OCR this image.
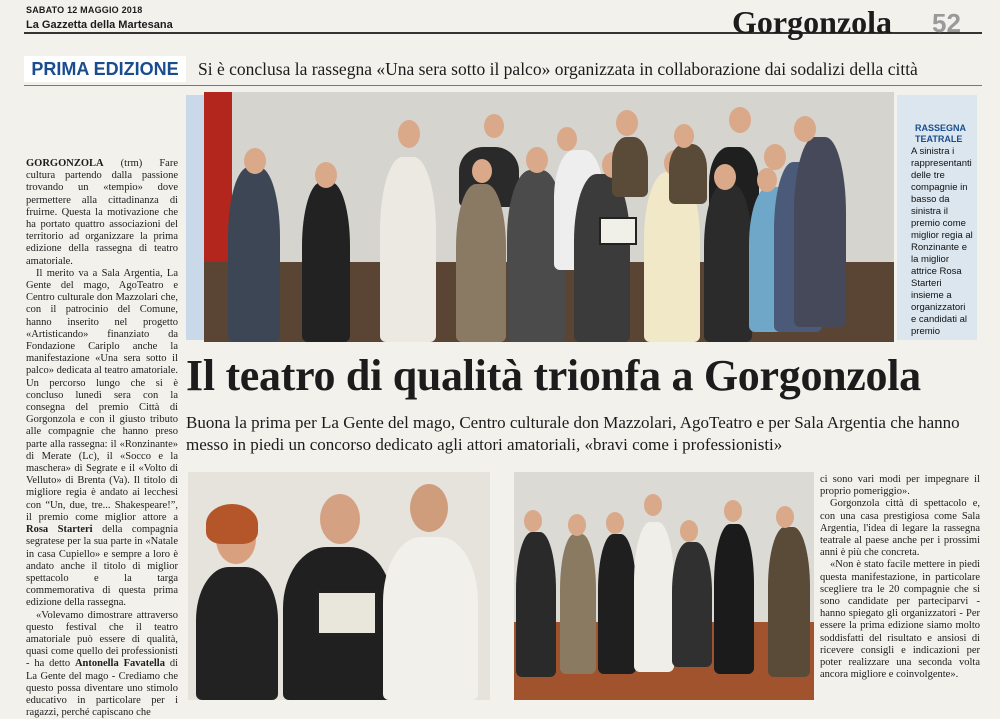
SABATO 12 MAGGIO 2018
La Gazzetta della Martesana	Gorgonzola 52
PRIMA EDIZIONE	Si è conclusa la rassegna «Una sera sotto il palco» organizzata in collaborazione dai sodalizi della città
RASSEGNA TEATRALE
A sinistra i rappresentanti delle tre compagnie in basso da sinistra il premio come miglior regia al Ronzinante e la miglior attrice Rosa Starteri insieme a organizzatori e candidati al premio
Il teatro di qualità trionfa a Gorgonzola
Buona la prima per La Gente del mago, Centro culturale don Mazzolari, AgoTeatro e per Sala Argentia che hanno messo in piedi un concorso dedicato agli attori amatoriali, «bravi come i professionisti»

GORGONZOLA (trm) Fare cultura partendo dalla passione trovando un «tempio» dove permettere alla cittadinanza di fruirne. Questa la motivazione che ha portato quattro associazioni del territorio ad organizzare la prima edizione della rassegna di teatro amatoriale.

Il merito va a Sala Argentia, La Gente del mago, AgoTeatro e Centro culturale don Mazzolari che, con il patrocinio del Comune, hanno inserito nel progetto «Artisticando» finanziato da Fondazione Cariplo anche la manifestazione «Una sera sotto il palco» dedicata al teatro amatoriale. Un percorso lungo che si è concluso lunedì sera con la consegna del premio Città di Gorgonzola e con il giusto tributo alle compagnie che hanno preso parte alla rassegna: il «Ronzinante» di Merate (Lc), il «Socco e la maschera» di Segrate e il «Volto di Velluto» di Brenta (Va). Il titolo di migliore regia è andato ai lecchesi con “Un, due, tre... Shakespeare!”, il premio come miglior attore a Rosa Starteri della compagnia segratese per la sua parte in «Natale in casa Cupiello» e sempre a loro è andato anche il titolo di miglior spettacolo e la targa commemorativa di questa prima edizione della rassegna.

«Volevamo dimostrare attraverso questo festival che il teatro amatoriale può essere di qualità, quasi come quello dei professionisti - ha detto Antonella Favatella di La Gente del mago - Crediamo che questo possa diventare uno stimolo educativo in particolare per i ragazzi, perché capiscano che

ci sono vari modi per impegnare il proprio pomeriggio».

Gorgonzola città di spettacolo e, con una casa prestigiosa come Sala Argentia, l'idea di legare la rassegna teatrale al paese anche per i prossimi anni è più che concreta.

«Non è stato facile mettere in piedi questa manifestazione, in particolare scegliere tra le 20 compagnie che si sono candidate per parteciparvi - hanno spiegato gli organizzatori - Per essere la prima edizione siamo molto soddisfatti del risultato e ansiosi di ricevere consigli e indicazioni per poter realizzare una seconda volta ancora migliore e coinvolgente».
